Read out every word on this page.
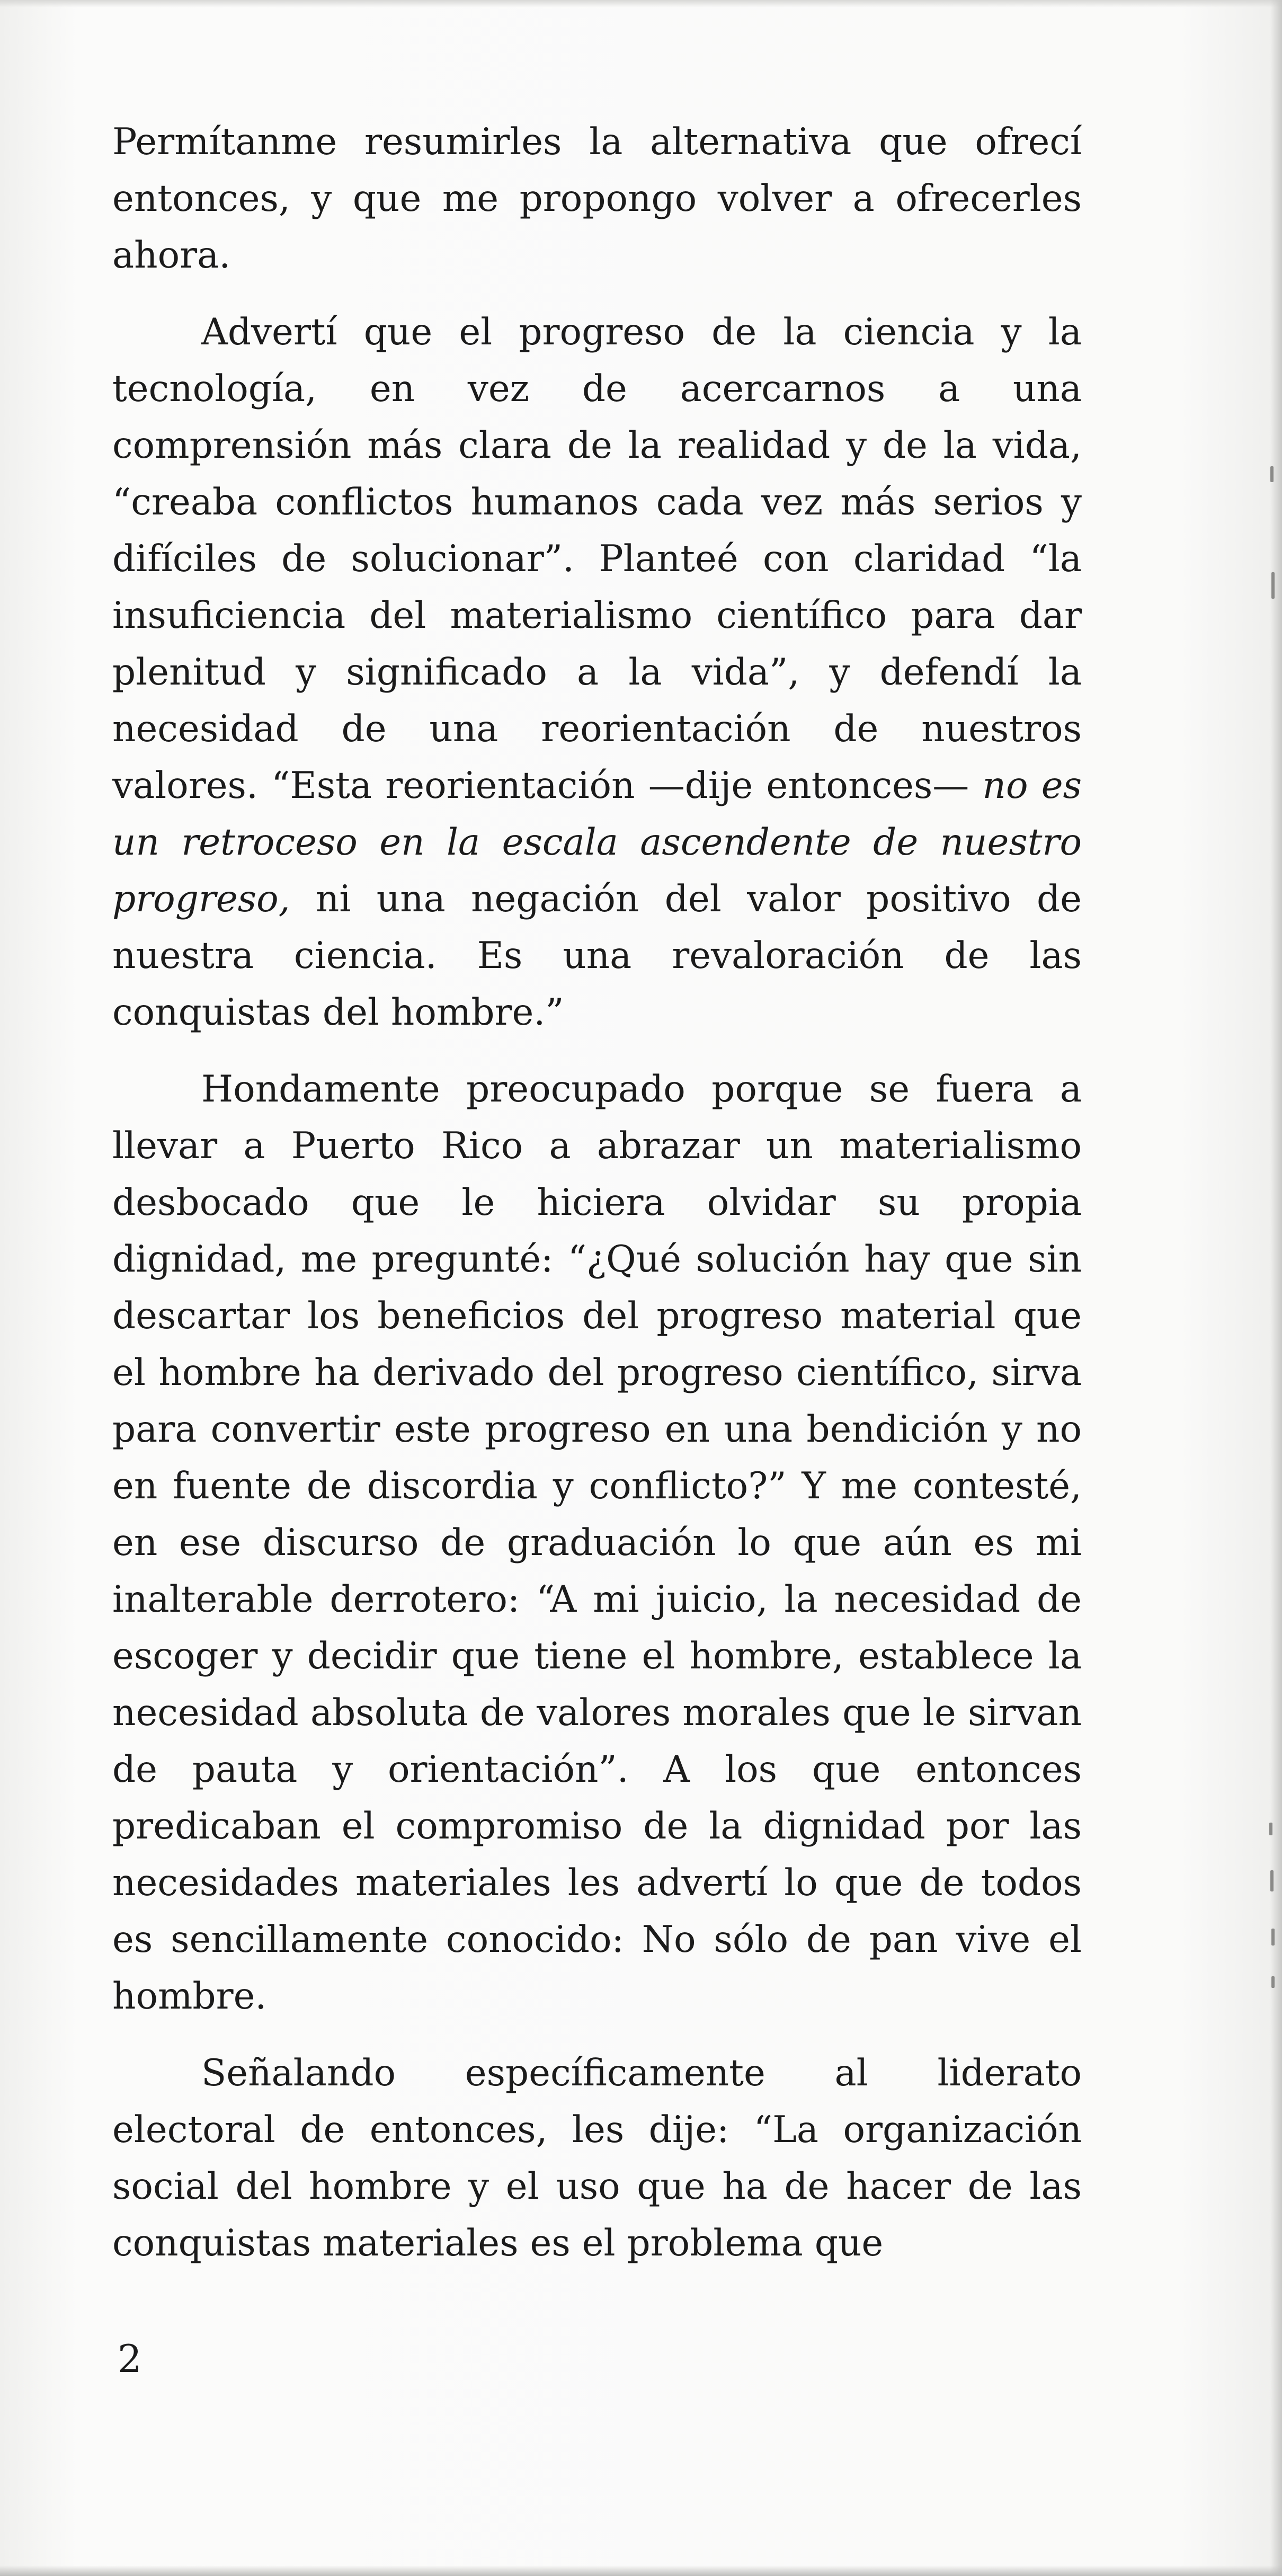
Permítanme resumirles la alternativa que ofrecí entonces, y que me propongo volver a ofrecerles ahora.

Advertí que el progreso de la ciencia y la tecnología, en vez de acercarnos a una comprensión más clara de la realidad y de la vida, “creaba conflictos humanos cada vez más serios y difíciles de solucionar”. Planteé con claridad “la insuficiencia del materialismo científico para dar plenitud y significado a la vida”, y defendí la necesidad de una reorientación de nuestros valores. “Esta reorientación —dije entonces— no es un retroceso en la escala ascendente de nuestro progreso, ni una negación del valor positivo de nuestra ciencia. Es una revaloración de las conquistas del hombre.”

Hondamente preocupado porque se fuera a llevar a Puerto Rico a abrazar un materialismo desbocado que le hiciera olvidar su propia dignidad, me pregunté: “¿Qué solución hay que sin descartar los beneficios del progreso material que el hombre ha derivado del progreso científico, sirva para convertir este progreso en una bendición y no en fuente de discordia y conflicto?” Y me contesté, en ese discurso de graduación lo que aún es mi inalterable derrotero: “A mi juicio, la necesidad de escoger y decidir que tiene el hombre, establece la necesidad absoluta de valores morales que le sirvan de pauta y orientación”. A los que entonces predicaban el compromiso de la dignidad por las necesidades materiales les advertí lo que de todos es sencillamente conocido: No sólo de pan vive el hombre.

Señalando específicamente al liderato electoral de entonces, les dije: “La organización social del hombre y el uso que ha de hacer de las conquistas materiales es el problema que

2
